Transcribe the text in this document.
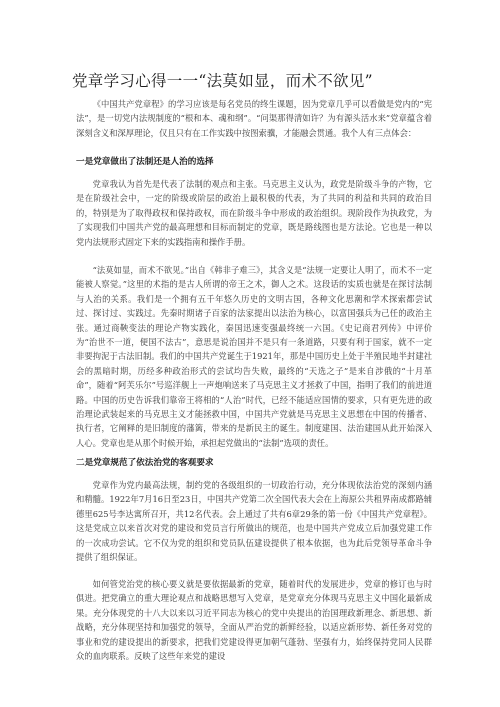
党章学习心得一一“法莫如显，而术不欲见”

《中国共产党章程》的学习应该是每名党员的终生课题，因为党章几乎可以看做是党内的“宪法”，是一切党内法规制度的“根和本、魂和纲”。“问渠那得清如许？为有源头活水来”党章蕴含着深刻含义和深厚理论，仅且只有在工作实践中按图索骥，才能融会贯通。我个人有三点体会：

一是党章做出了法制还是人治的选择

党章我认为首先是代表了法制的观点和主张。马克思主义认为，政党是阶级斗争的产物，它是在阶级社会中，一定的阶级或阶层的政治上最积极的代表，为了共同的利益和共同的政治目的，特别是为了取得政权和保持政权，而在阶级斗争中形成的政治组织。现阶段作为执政党，为了实现我们中国共产党的最高理想和目标而制定的党章，既是路线图也是方法论。它也是一种以党内法规形式固定下来的实践指南和操作手册。

“法莫如显，而术不欲见。”出自《韩非子难三》，其含义是“法规一定要让人明了，而术不一定能被人察觉。”这里的术指的是古人所谓的帝王之术，御人之术。这段话的实质也就是在探讨法制与人治的关系。我们是一个拥有五千年悠久历史的文明古国，各种文化思潮和学术探索都尝试过、探讨过、实践过。先秦时期诸子百家的法家提出以法治为核心，以富国强兵为己任的政治主张。通过商鞅变法的理论产物实践化，秦国迅速变强最终统一六国。《史记商君列传》中评价为“治世不一道，便国不法古”，意思是说治国并不是只有一条道路，只要有利于国家，就不一定非要拘泥于古法旧制。我们的中国共产党诞生于1921年，那是中国历史上处于半殖民地半封建社会的黑暗时期，历经多种政治形式的尝试均告失败，最终的“天选之子”是来自涉俄的“十月革命”，随着“阿芙乐尔”号巡洋舰上一声炮响送来了马克思主义才拯救了中国，指明了我们的前进道路。中国的历史告诉我们靠帝王将相的“人治”时代，已经不能适应国情的要求，只有更先进的政治理论武装起来的马克思主义才能拯救中国，中国共产党就是马克思主义思想在中国的传播者、执行者，它阐释的是旧制度的藩篱，带来的是新民主的诞生。制度建国、法治建国从此开始深入人心。党章也是从那个时候开始，承担起党做出的“法制”选项的责任。

二是党章规范了依法治党的客观要求

党章作为党内最高法规，制约党的各级组织的一切政治行动，充分体现依法治党的深刻内涵和精髓。1922年7月16日至23日，中国共产党第二次全国代表大会在上海原公共租界南成都路辅德里625号李达寓所召开，共12名代表。会上通过了共有6章29条的第一份《中国共产党章程》。这是党成立以来首次对党的建设和党员言行所做出的规范，也是中国共产党成立后加强党建工作的一次成功尝试。它不仅为党的组织和党员队伍建设提供了根本依据，也为此后党领导革命斗争提供了组织保证。

如何管党治党的核心要义就是要依据最新的党章，随着时代的发展进步，党章的修订也与时俱进。把党确立的重大理论观点和战略思想写入党章，是党章充分体现马克思主义中国化最新成果。充分体现党的十八大以来以习近平同志为核心的党中央提出的治国理政新理念、新思想、新战略，充分体现坚持和加强党的领导，全面从严治党的新鲜经验，以适应新形势、新任务对党的事业和党的建设提出的新要求，把我们党建设得更加朝气蓬勃、坚强有力，始终保持党同人民群众的血肉联系。反映了这些年来党的建设
